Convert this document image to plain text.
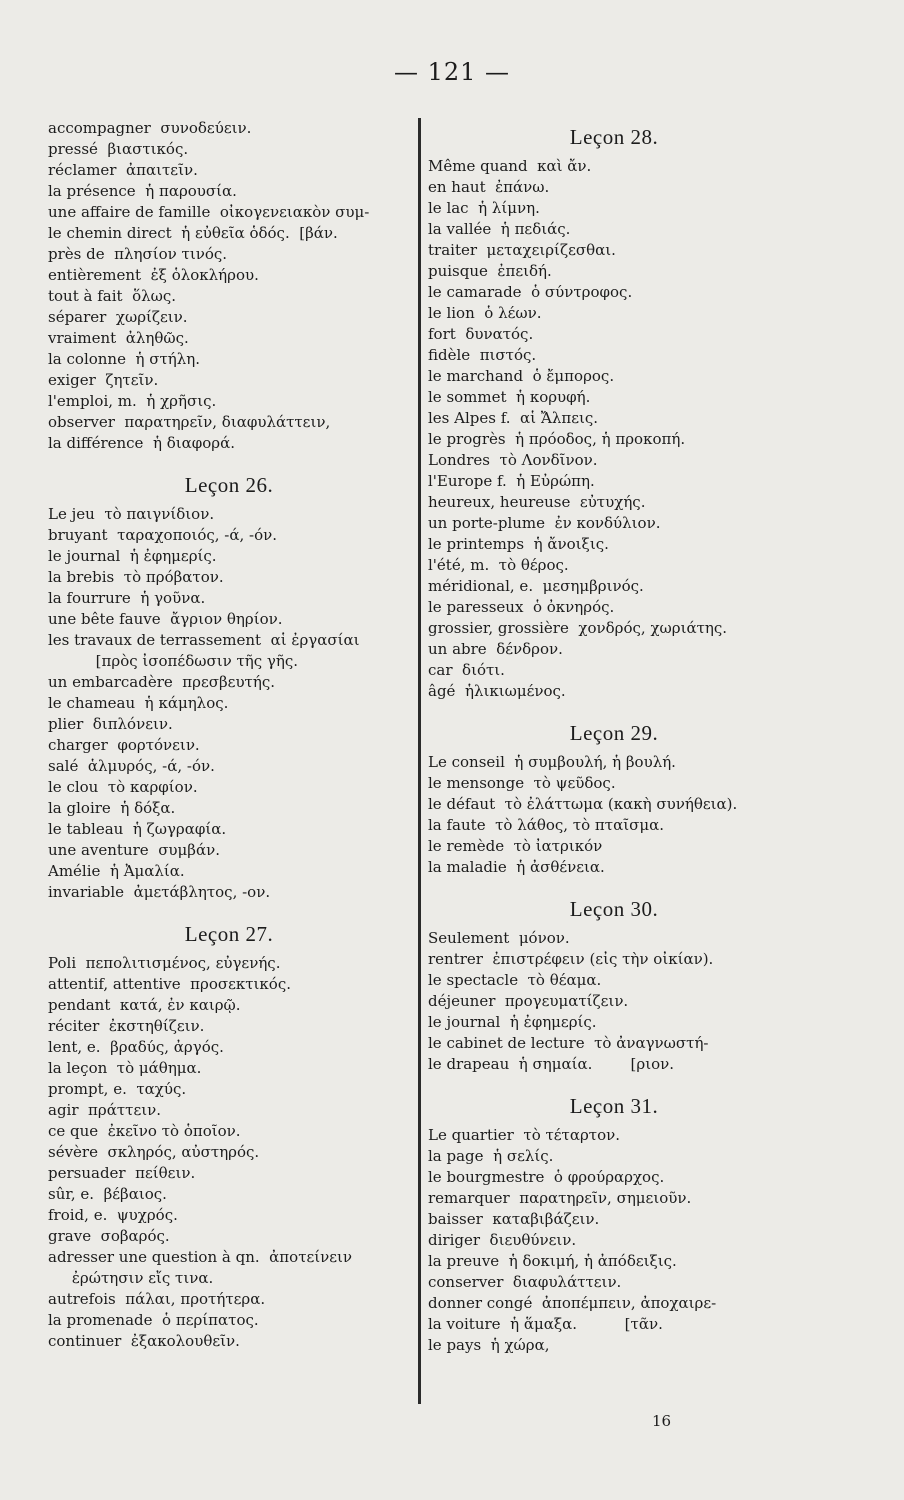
— 121 —
accompagner  συνοδεύειν.
pressé  βιαστικός.
réclamer  ἀπαιτεῖν.
la présence  ἡ παρουσία.
une affaire de famille  οἰκογενειακὸν συμ-
le chemin direct  ἡ εὐθεῖα ὁδός.  [βάν.
près de  πλησίον τινός.
entièrement  ἐξ ὁλοκλήρου.
tout à fait  ὅλως.
séparer  χωρίζειν.
vraiment  ἀληθῶς.
la colonne  ἡ στήλη.
exiger  ζητεῖν.
l'emploi, m.  ἡ χρῆσις.
observer  παρατηρεῖν, διαφυλάττειν,
la différence  ἡ διαφορά.
Leçon 26.
Le jeu  τὸ παιγνίδιον.
bruyant  ταραχοποιός, -ά, -όν.
le journal  ἡ ἐφημερίς.
la brebis  τὸ πρόβατον.
la fourrure  ἡ γοῦνα.
une bête fauve  ἄγριον θηρίον.
les travaux de terrassement  αἱ ἐργασίαι
[πρὸς ἰσοπέδωσιν τῆς γῆς.
un embarcadère  πρεσβευτής.
le chameau  ἡ κάμηλος.
plier  διπλόνειν.
charger  φορτόνειν.
salé  ἁλμυρός, -ά, -όν.
le clou  τὸ καρφίον.
la gloire  ἡ δόξα.
le tableau  ἡ ζωγραφία.
une aventure  συμβάν.
Amélie  ἡ Ἀμαλία.
invariable  ἀμετάβλητος, -ον.
Leçon 27.
Poli  πεπολιτισμένος, εὐγενής.
attentif, attentive  προσεκτικός.
pendant  κατά, ἐν καιρῷ.
réciter  ἐκστηθίζειν.
lent, e.  βραδύς, ἀργός.
la leçon  τὸ μάθημα.
prompt, e.  ταχύς.
agir  πράττειν.
ce que  ἐκεῖνο τὸ ὁποῖον.
sévère  σκληρός, αὐστηρός.
persuader  πείθειν.
sûr, e.  βέβαιος.
froid, e.  ψυχρός.
grave  σοβαρός.
adresser une question à qn.  ἀποτείνειν
ἐρώτησιν εἴς τινα.
autrefois  πάλαι, προτήτερα.
la promenade  ὁ περίπατος.
continuer  ἐξακολουθεῖν.
Leçon 28.
Même quand  καὶ ἄν.
en haut  ἐπάνω.
le lac  ἡ λίμνη.
la vallée  ἡ πεδιάς.
traiter  μεταχειρίζεσθαι.
puisque  ἐπειδή.
le camarade  ὁ σύντροφος.
le lion  ὁ λέων.
fort  δυνατός.
fidèle  πιστός.
le marchand  ὁ ἔμπορος.
le sommet  ἡ κορυφή.
les Alpes f.  αἱ Ἄλπεις.
le progrès  ἡ πρόοδος, ἡ προκοπή.
Londres  τὸ Λονδῖνον.
l'Europe f.  ἡ Εὐρώπη.
heureux, heureuse  εὐτυχής.
un porte-plume  ἐν κονδύλιον.
le printemps  ἡ ἄνοιξις.
l'été, m.  τὸ θέρος.
méridional, e.  μεσημβρινός.
le paresseux  ὁ ὀκνηρός.
grossier, grossière  χονδρός, χωριάτης.
un abre  δένδρον.
car  διότι.
âgé  ἡλικιωμένος.
Leçon 29.
Le conseil  ἡ συμβουλή, ἡ βουλή.
le mensonge  τὸ ψεῦδος.
le défaut  τὸ ἐλάττωμα (κακὴ συνήθεια).
la faute  τὸ λάθος, τὸ πταῖσμα.
le remède  τὸ ἰατρικόν
la maladie  ἡ ἀσθένεια.
Leçon 30.
Seulement  μόνον.
rentrer  ἐπιστρέφειν (εἰς τὴν οἰκίαν).
le spectacle  τὸ θέαμα.
déjeuner  προγευματίζειν.
le journal  ἡ ἐφημερίς.
le cabinet de lecture  τὸ ἀναγνωστή-
le drapeau  ἡ σημαία.        [ριον.
Leçon 31.
Le quartier  τὸ τέταρτον.
la page  ἡ σελίς.
le bourgmestre  ὁ φρούραρχος.
remarquer  παρατηρεῖν, σημειοῦν.
baisser  καταβιβάζειν.
diriger  διευθύνειν.
la preuve  ἡ δοκιμή, ἡ ἀπόδειξις.
conserver  διαφυλάττειν.
donner congé  ἀποπέμπειν, ἀποχαιρε-
la voiture  ἡ ἅμαξα.          [τᾶν.
le pays  ἡ χώρα,
16
